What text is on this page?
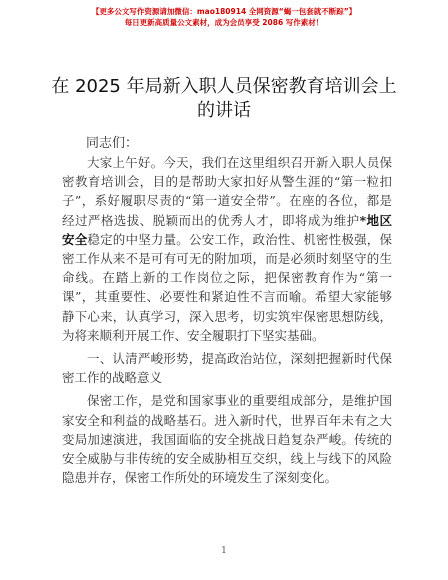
【更多公文写作资源请加微信：mao180914 全网资源“蝎一包套就不断踪”】
每日更新高质量公文素材，成为会员享受 2086 写作素材！
在 2025 年局新入职人员保密教育培训会上的讲话
同志们：

大家上午好。今天，我们在这里组织召开新入职人员保密教育培训会，目的是帮助大家扣好从警生涯的“第一粒扣子”，系好履职尽责的“第一道安全带”。在座的各位，都是经过严格选拔、脱颖而出的优秀人才，即将成为维护*地区安全稳定的中坚力量。公安工作，政治性、机密性极强，保密工作从来不是可有可无的附加项，而是必须时刻坚守的生命线。在踏上新的工作岗位之际，把保密教育作为“第一课”，其重要性、必要性和紧迫性不言而喻。希望大家能够静下心来，认真学习，深入思考，切实筑牢保密思想防线，为将来顺利开展工作、安全履职打下坚实基础。

一、认清严峻形势，提高政治站位，深刻把握新时代保密工作的战略意义

保密工作，是党和国家事业的重要组成部分，是维护国家安全和利益的战略基石。进入新时代，世界百年未有之大变局加速演进，我国面临的安全挑战日趋复杂严峻。传统的安全威胁与非传统的安全威胁相互交织，线上与线下的风险隐患并存，保密工作所处的环境发生了深刻变化。

1
